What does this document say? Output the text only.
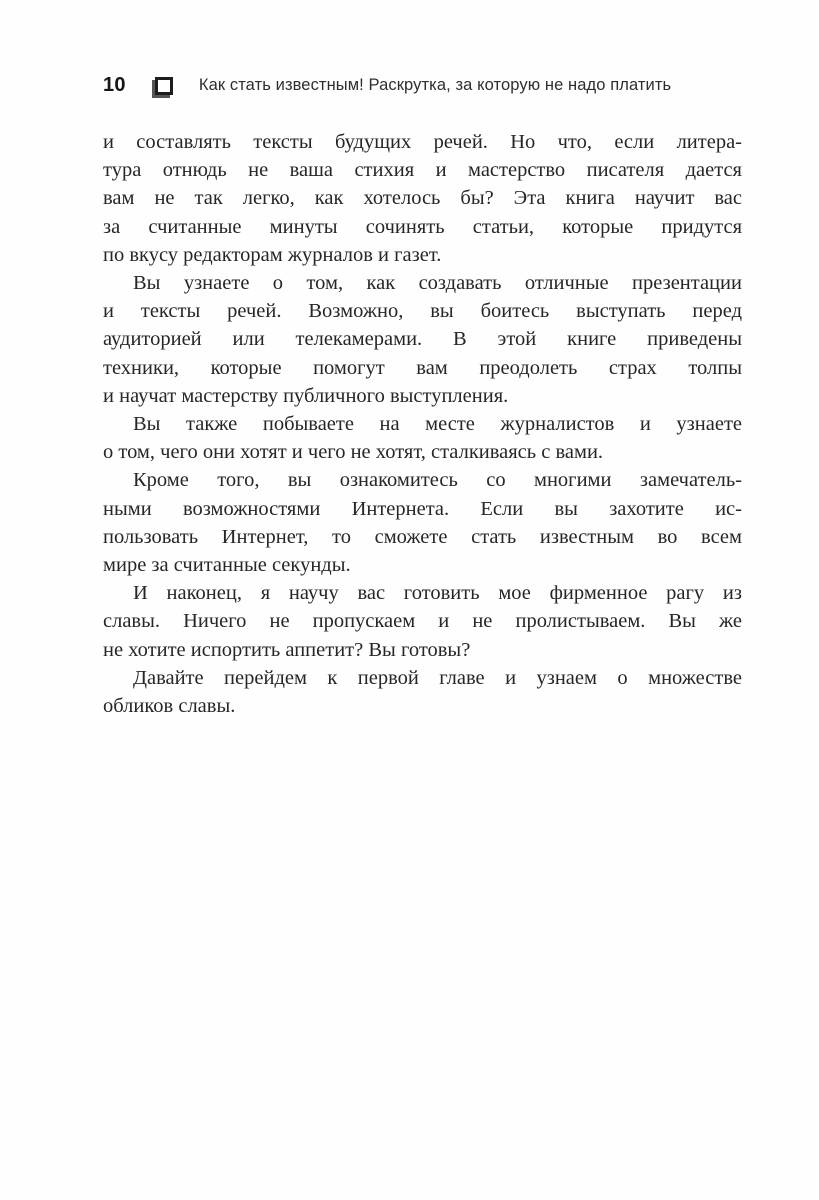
10	Как стать известным! Раскрутка, за которую не надо платить
и составлять тексты будущих речей. Но что, если литера-
тура отнюдь не ваша стихия и мастерство писателя дается
вам не так легко, как хотелось бы? Эта книга научит вас
за считанные минуты сочинять статьи, которые придутся
по вкусу редакторам журналов и газет.
Вы узнаете о том, как создавать отличные презентации
и тексты речей. Возможно, вы боитесь выступать перед
аудиторией или телекамерами. В этой книге приведены
техники, которые помогут вам преодолеть страх толпы
и научат мастерству публичного выступления.
Вы также побываете на месте журналистов и узнаете
о том, чего они хотят и чего не хотят, сталкиваясь с вами.
Кроме того, вы ознакомитесь со многими замечатель-
ными возможностями Интернета. Если вы захотите ис-
пользовать Интернет, то сможете стать известным во всем
мире за считанные секунды.
И наконец, я научу вас готовить мое фирменное рагу из
славы. Ничего не пропускаем и не пролистываем. Вы же
не хотите испортить аппетит? Вы готовы?
Давайте перейдем к первой главе и узнаем о множестве
обликов славы.
